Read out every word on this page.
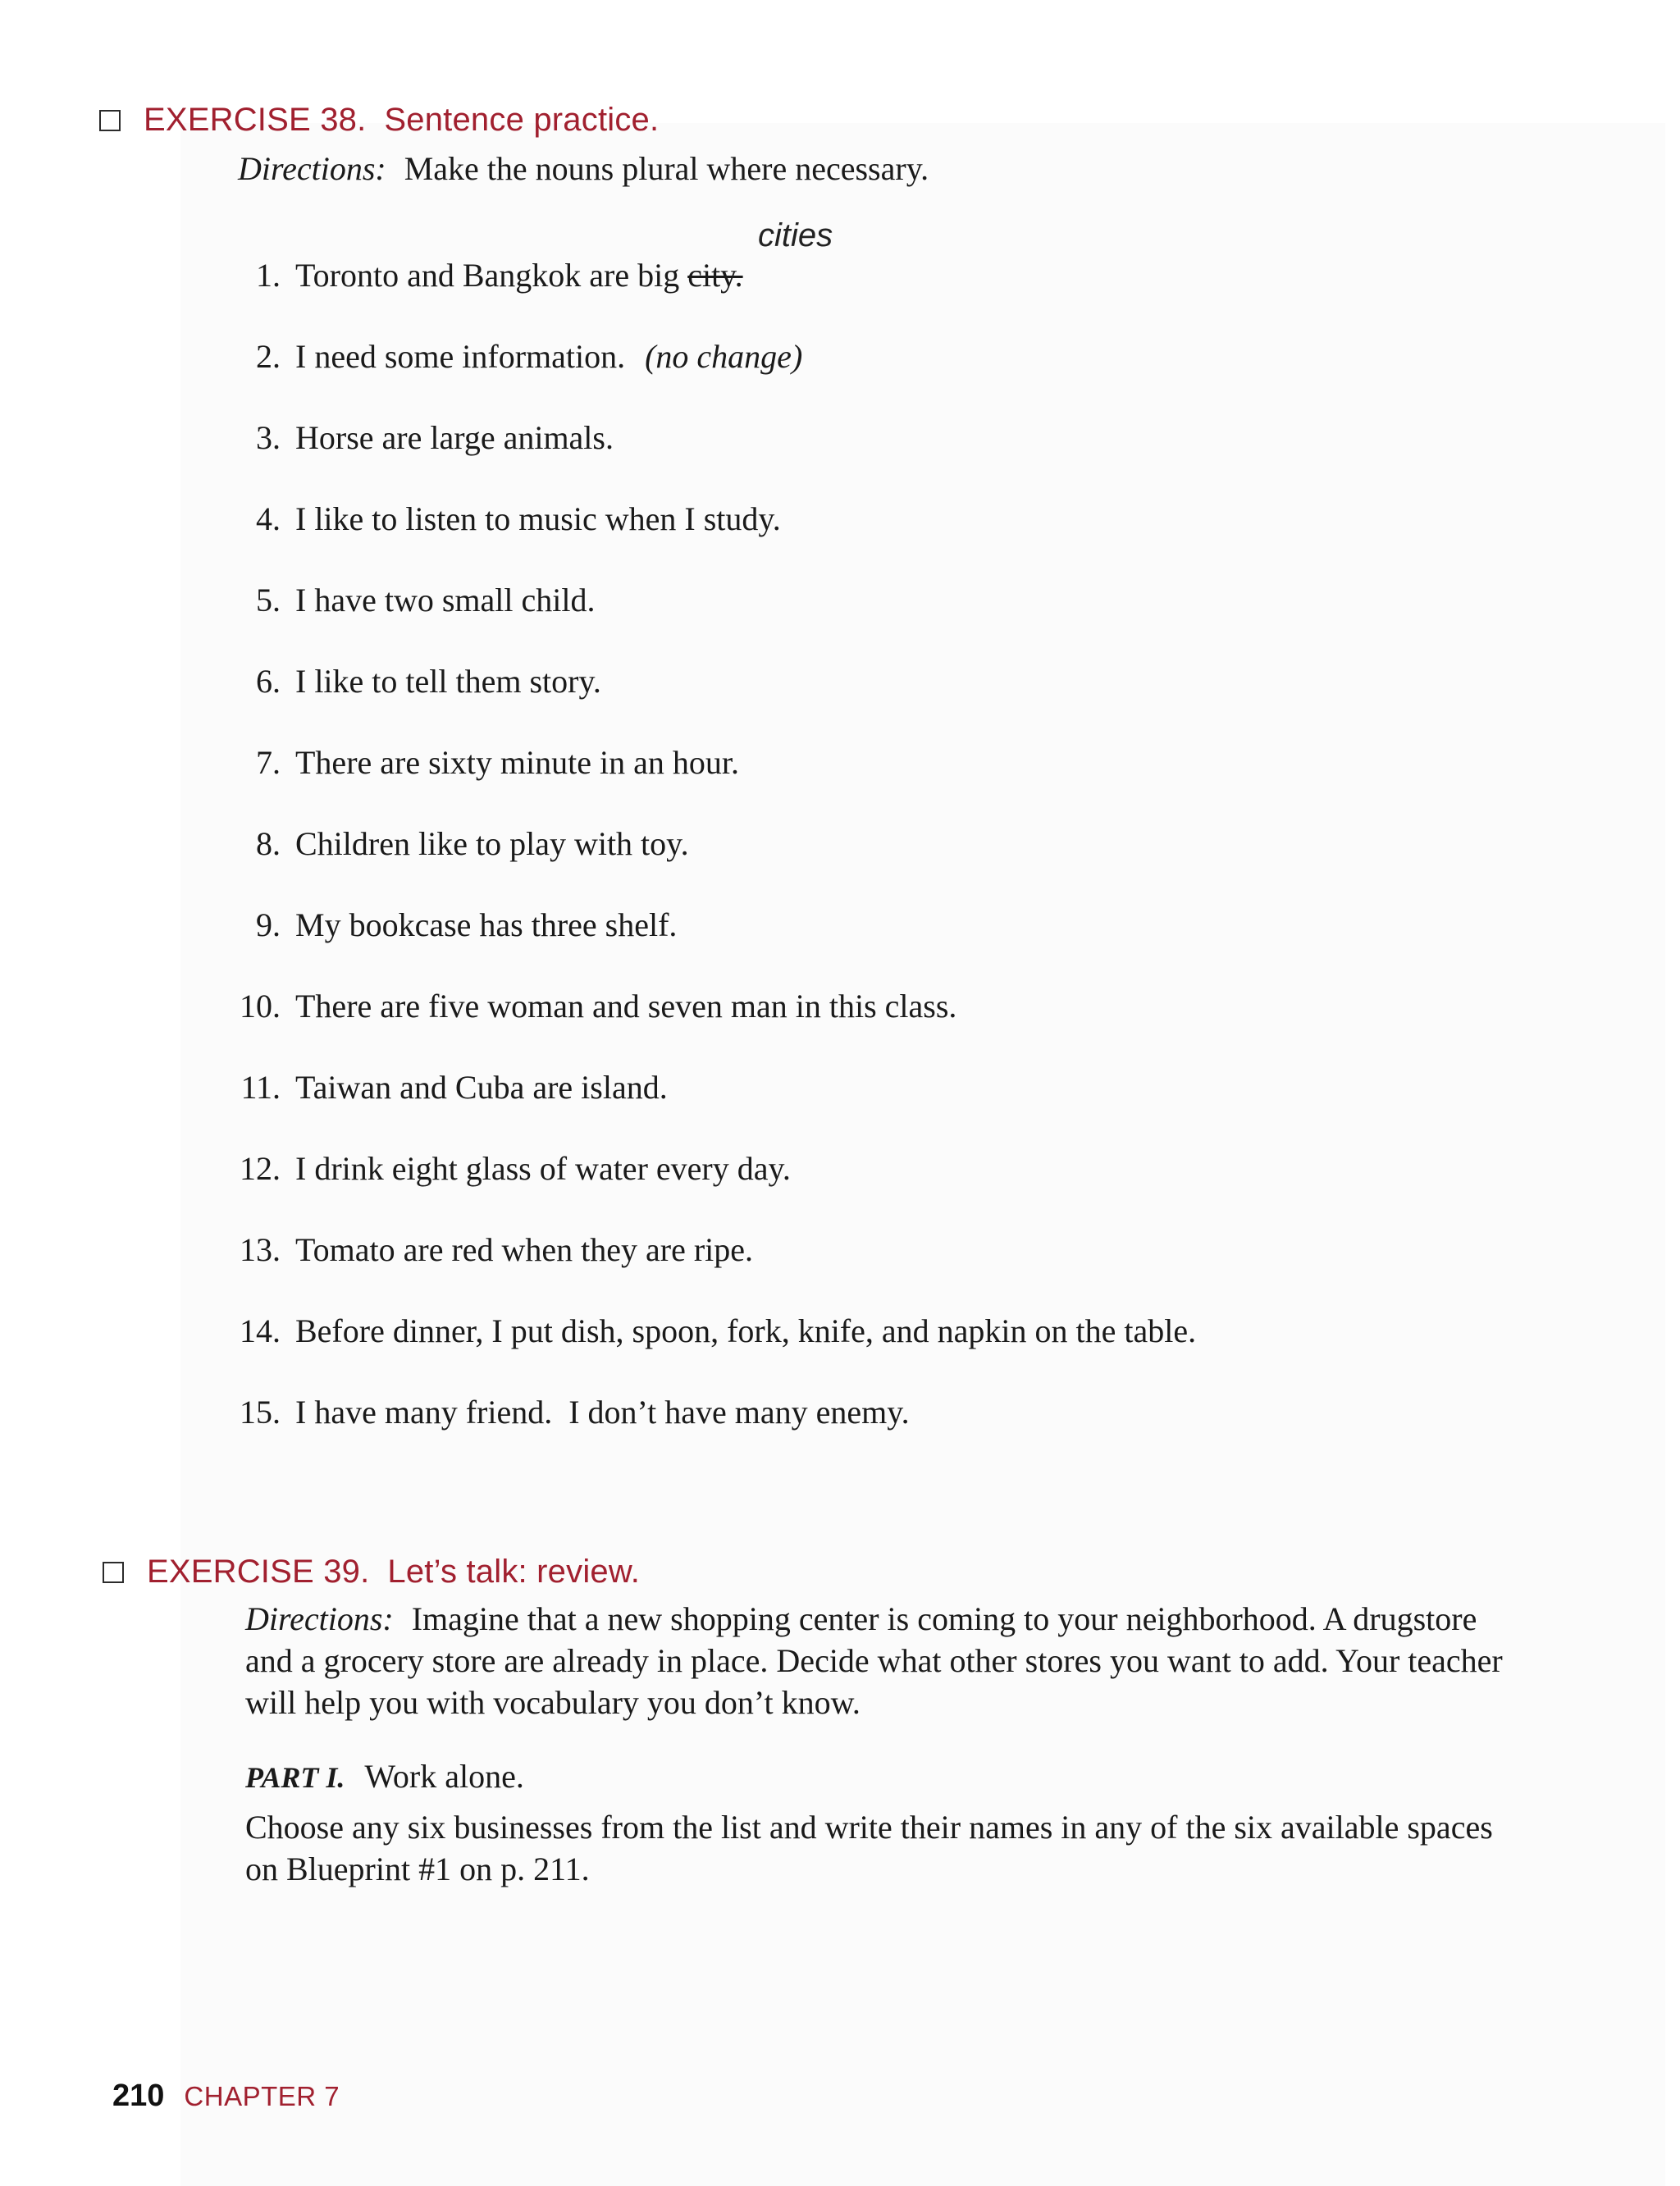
EXERCISE 38. Sentence practice.
Directions: Make the nouns plural where necessary.
cities
1. Toronto and Bangkok are big city.
2. I need some information. (no change)
3. Horse are large animals.
4. I like to listen to music when I study.
5. I have two small child.
6. I like to tell them story.
7. There are sixty minute in an hour.
8. Children like to play with toy.
9. My bookcase has three shelf.
10. There are five woman and seven man in this class.
11. Taiwan and Cuba are island.
12. I drink eight glass of water every day.
13. Tomato are red when they are ripe.
14. Before dinner, I put dish, spoon, fork, knife, and napkin on the table.
15. I have many friend.  I don’t have many enemy.
EXERCISE 39. Let’s talk: review.
Directions: Imagine that a new shopping center is coming to your neighborhood. A drugstore and a grocery store are already in place. Decide what other stores you want to add. Your teacher will help you with vocabulary you don’t know.
PART I. Work alone.
Choose any six businesses from the list and write their names in any of the six available spaces on Blueprint #1 on p. 211.
210 CHAPTER 7
